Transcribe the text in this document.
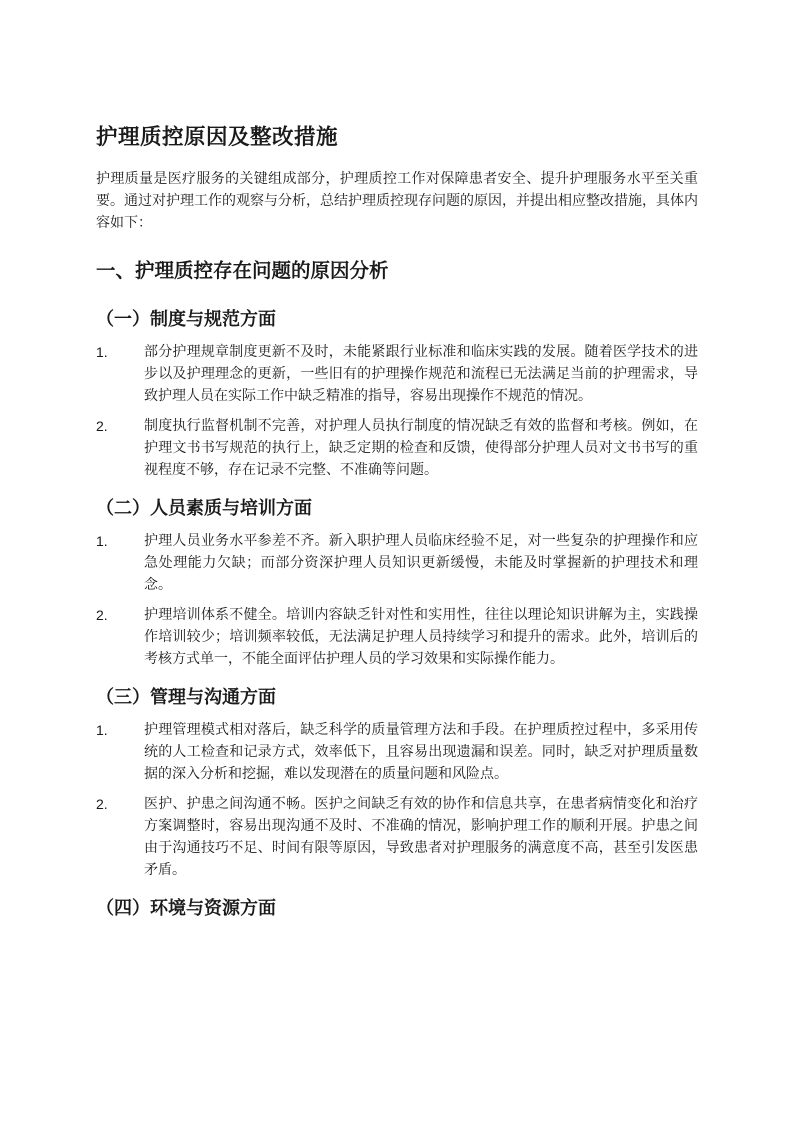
护理质控原因及整改措施

护理质量是医疗服务的关键组成部分，护理质控工作对保障患者安全、提升护理服务水平至关重要。通过对护理工作的观察与分析，总结护理质控现存问题的原因，并提出相应整改措施，具体内容如下：

一、护理质控存在问题的原因分析
（一）制度与规范方面
1.	部分护理规章制度更新不及时，未能紧跟行业标准和临床实践的发展。随着医学技术的进步以及护理理念的更新，一些旧有的护理操作规范和流程已无法满足当前的护理需求，导致护理人员在实际工作中缺乏精准的指导，容易出现操作不规范的情况。
2.	制度执行监督机制不完善，对护理人员执行制度的情况缺乏有效的监督和考核。例如，在护理文书书写规范的执行上，缺乏定期的检查和反馈，使得部分护理人员对文书书写的重视程度不够，存在记录不完整、不准确等问题。
（二）人员素质与培训方面
1.	护理人员业务水平参差不齐。新入职护理人员临床经验不足，对一些复杂的护理操作和应急处理能力欠缺；而部分资深护理人员知识更新缓慢，未能及时掌握新的护理技术和理念。
2.	护理培训体系不健全。培训内容缺乏针对性和实用性，往往以理论知识讲解为主，实践操作培训较少；培训频率较低，无法满足护理人员持续学习和提升的需求。此外，培训后的考核方式单一，不能全面评估护理人员的学习效果和实际操作能力。
（三）管理与沟通方面
1.	护理管理模式相对落后，缺乏科学的质量管理方法和手段。在护理质控过程中，多采用传统的人工检查和记录方式，效率低下，且容易出现遗漏和误差。同时，缺乏对护理质量数据的深入分析和挖掘，难以发现潜在的质量问题和风险点。
2.	医护、护患之间沟通不畅。医护之间缺乏有效的协作和信息共享，在患者病情变化和治疗方案调整时，容易出现沟通不及时、不准确的情况，影响护理工作的顺利开展。护患之间由于沟通技巧不足、时间有限等原因，导致患者对护理服务的满意度不高，甚至引发医患矛盾。
（四）环境与资源方面
